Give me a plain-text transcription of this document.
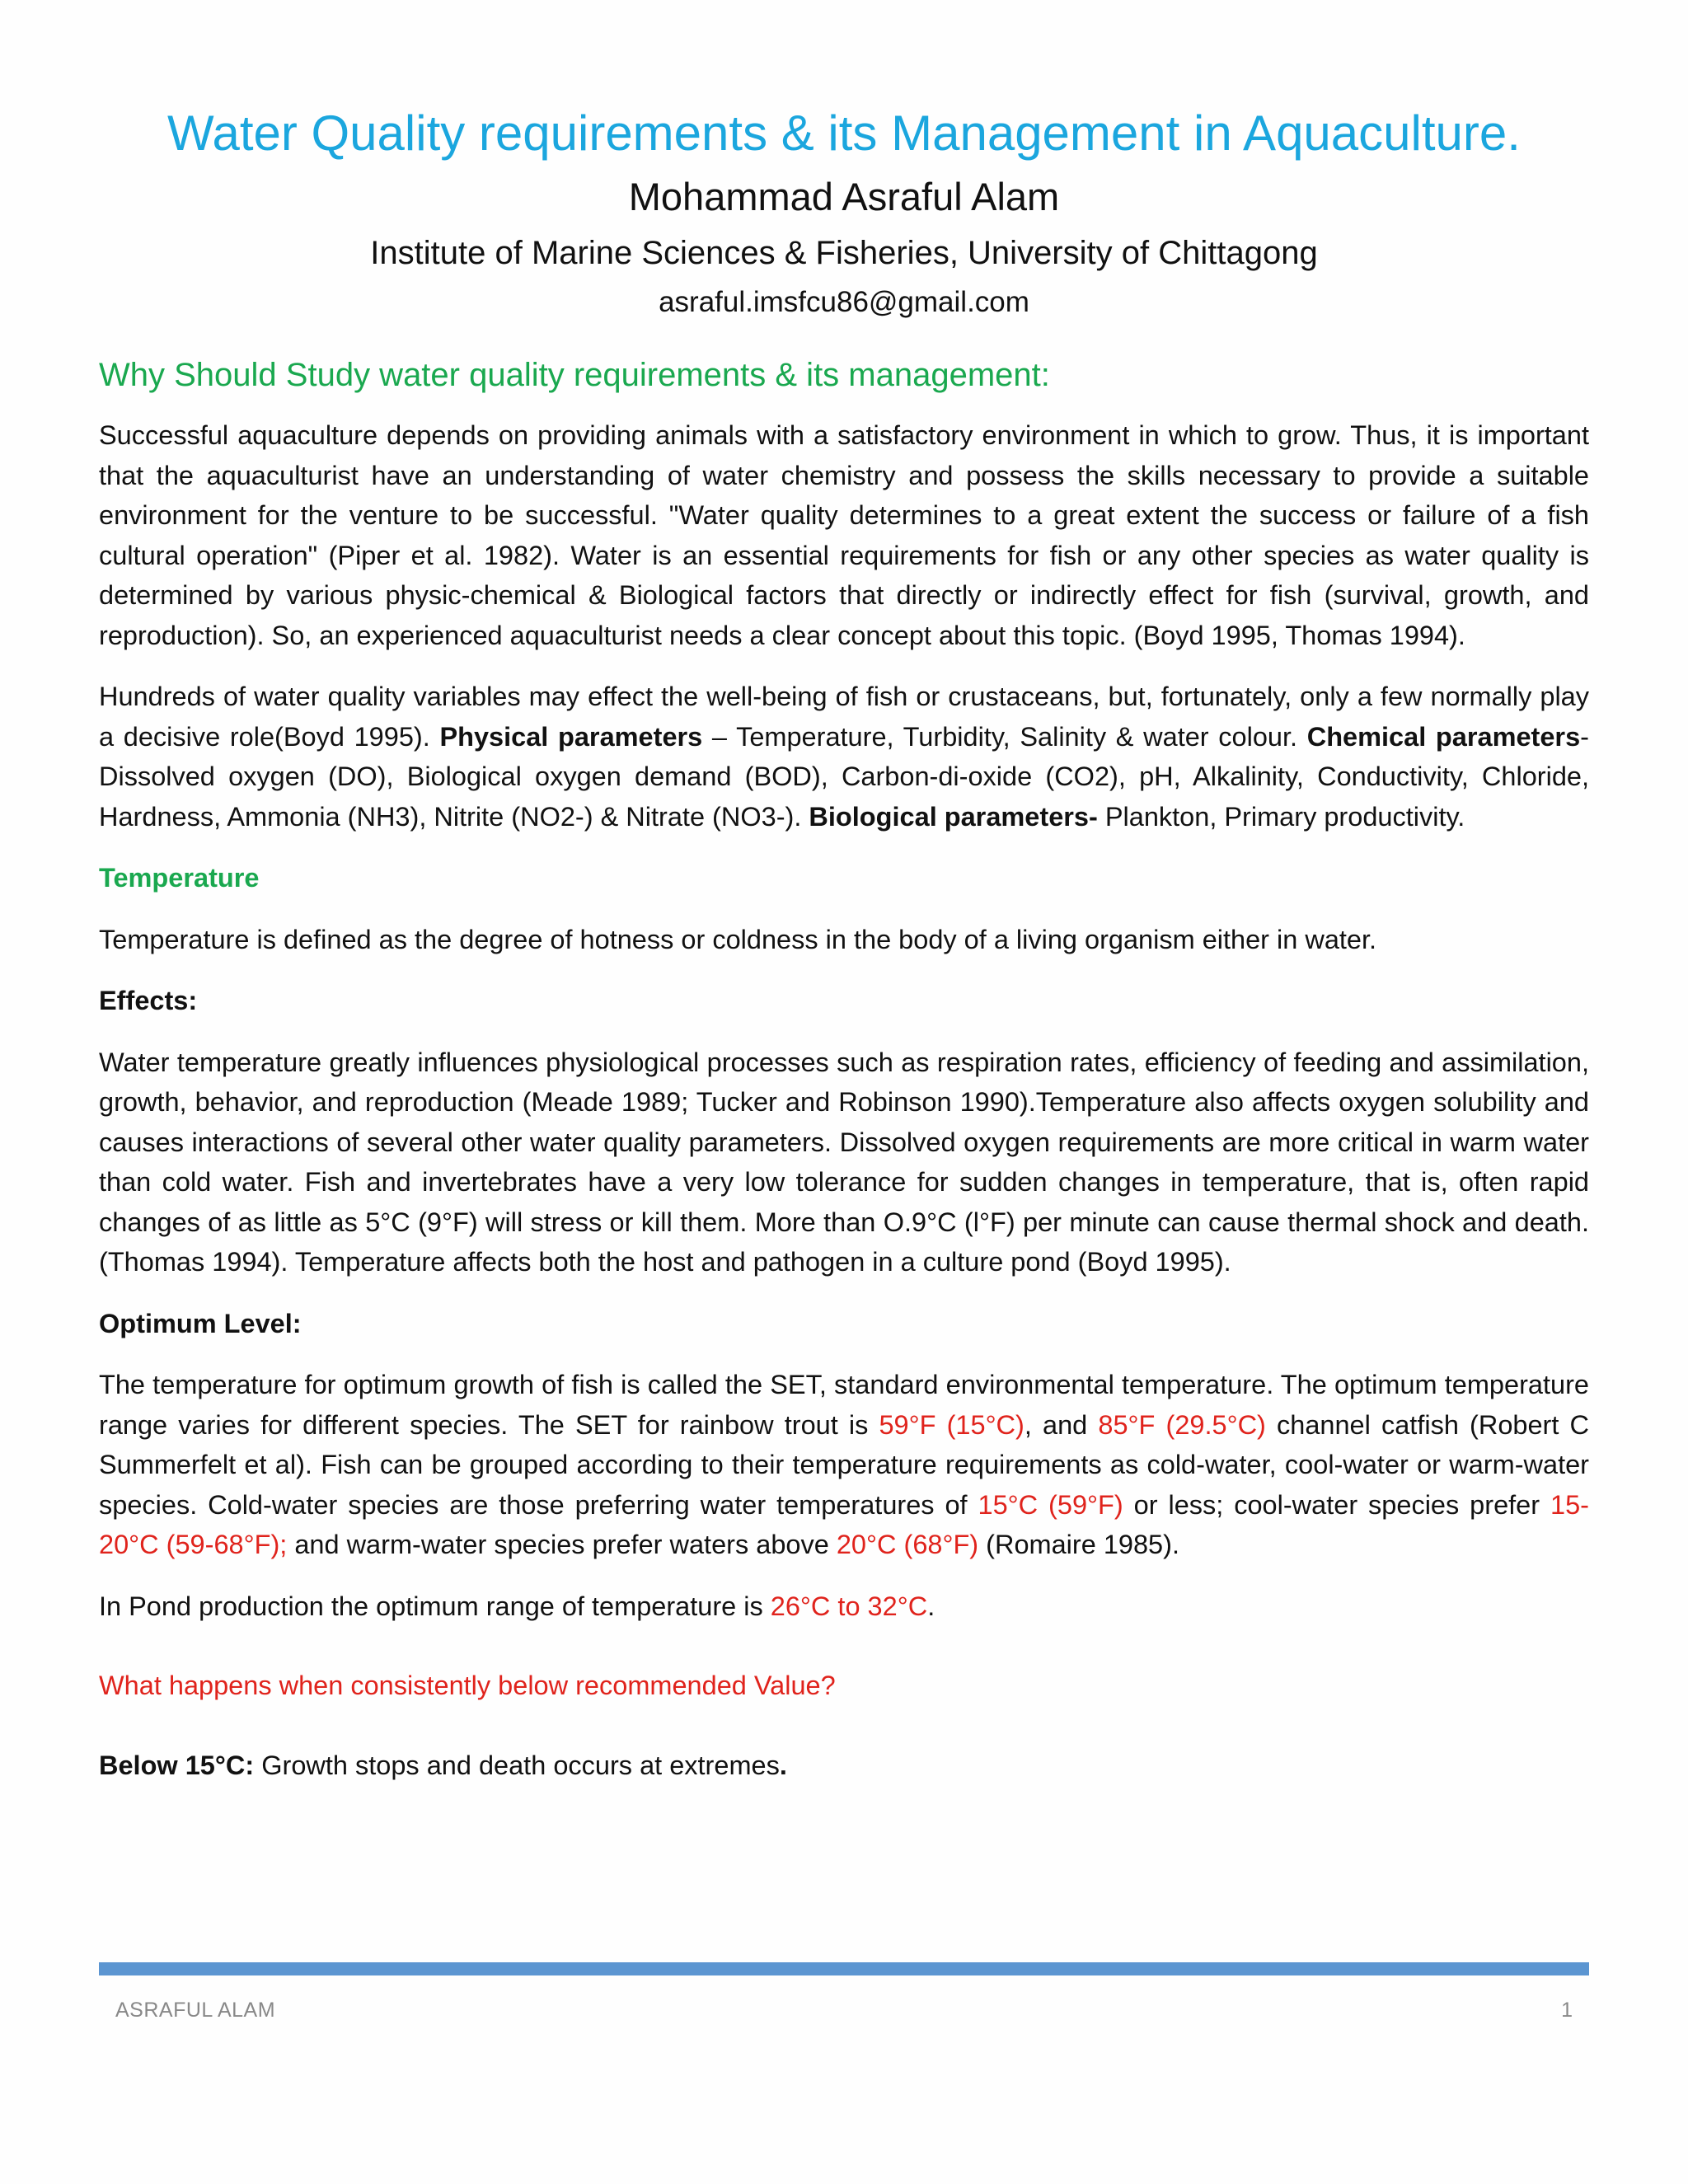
Water Quality requirements & its Management in Aquaculture.

Mohammad Asraful Alam

Institute of Marine Sciences & Fisheries, University of Chittagong

asraful.imsfcu86@gmail.com

Why Should Study water quality requirements & its management:

Successful aquaculture depends on providing animals with a satisfactory environment in which to grow. Thus, it is important that the aquaculturist have an understanding of water chemistry and possess the skills necessary to provide a suitable environment for the venture to be successful. "Water quality determines to a great extent the success or failure of a fish cultural operation" (Piper et al. 1982). Water is an essential requirements for fish or any other species as water quality is determined by various physic-chemical & Biological factors that directly or indirectly effect for fish (survival, growth, and reproduction). So, an experienced aquaculturist needs a clear concept about this topic. (Boyd 1995, Thomas 1994).

Hundreds of water quality variables may effect the well-being of fish or crustaceans, but, fortunately, only a few normally play a decisive role(Boyd 1995). Physical parameters – Temperature, Turbidity, Salinity & water colour. Chemical parameters- Dissolved oxygen (DO), Biological oxygen demand (BOD), Carbon-di-oxide (CO2), pH, Alkalinity, Conductivity, Chloride, Hardness, Ammonia (NH3), Nitrite (NO2-) & Nitrate (NO3-). Biological parameters- Plankton, Primary productivity.

Temperature

Temperature is defined as the degree of hotness or coldness in the body of a living organism either in water.

Effects:

Water temperature greatly influences physiological processes such as respiration rates, efficiency of feeding and assimilation, growth, behavior, and reproduction (Meade 1989; Tucker and Robinson 1990).Temperature also affects oxygen solubility and causes interactions of several other water quality parameters. Dissolved oxygen requirements are more critical in warm water than cold water. Fish and invertebrates have a very low tolerance for sudden changes in temperature, that is, often rapid changes of as little as 5°C (9°F) will stress or kill them. More than O.9°C (l°F) per minute can cause thermal shock and death. (Thomas 1994). Temperature affects both the host and pathogen in a culture pond (Boyd 1995).

Optimum Level:

The temperature for optimum growth of fish is called the SET, standard environmental temperature. The optimum temperature range varies for different species. The SET for rainbow trout is 59°F (15°C), and 85°F (29.5°C) channel catfish (Robert C Summerfelt et al). Fish can be grouped according to their temperature requirements as cold-water, cool-water or warm-water species. Cold-water species are those preferring water temperatures of 15°C (59°F) or less; cool-water species prefer 15-20°C (59-68°F); and warm-water species prefer waters above 20°C (68°F) (Romaire 1985).

In Pond production the optimum range of temperature is 26°C to 32°C.

What happens when consistently below recommended Value?

Below 15°C: Growth stops and death occurs at extremes.

ASRAFUL ALAM	1
